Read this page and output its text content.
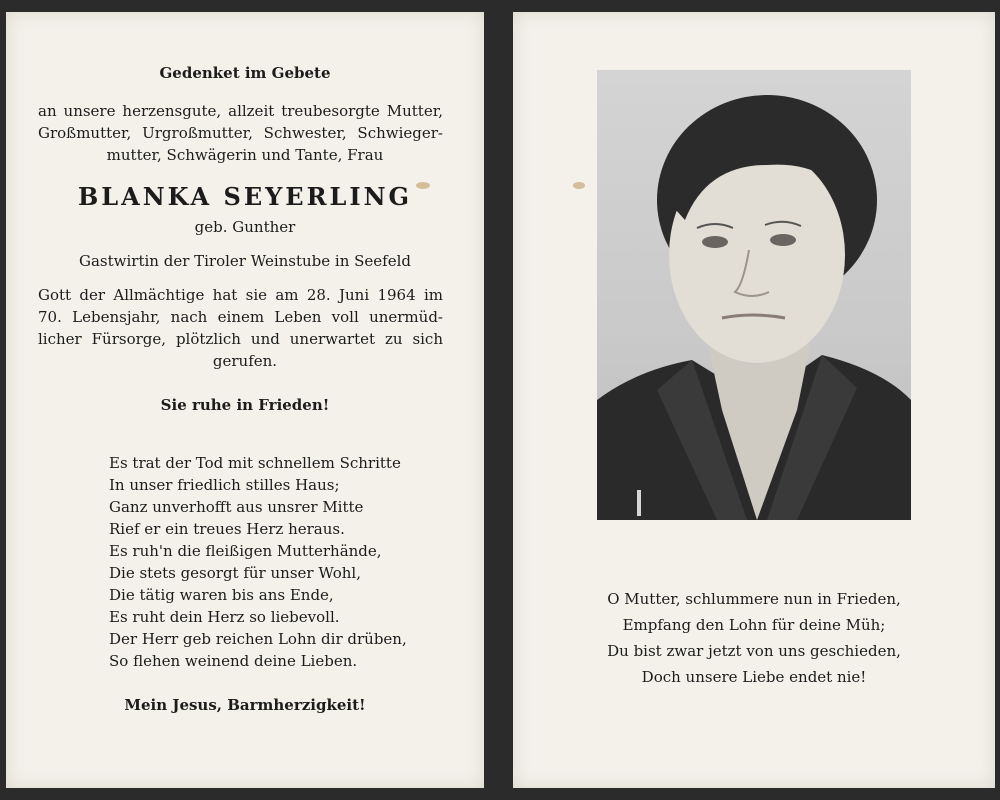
Gedenket im Gebete
an unsere herzensgute, allzeit treubesorgte Mutter,
Großmutter, Urgroßmutter, Schwester, Schwieger-
mutter, Schwägerin und Tante, Frau
BLANKA SEYERLING
geb. Gunther
Gastwirtin der Tiroler Weinstube in Seefeld
Gott der Allmächtige hat sie am 28. Juni 1964 im
70. Lebensjahr, nach einem Leben voll unermüd-
licher Fürsorge, plötzlich und unerwartet zu sich
gerufen.
Sie ruhe in Frieden!
Es trat der Tod mit schnellem Schritte
In unser friedlich stilles Haus;
Ganz unverhofft aus unsrer Mitte
Rief er ein treues Herz heraus.
Es ruh'n die fleißigen Mutterhände,
Die stets gesorgt für unser Wohl,
Die tätig waren bis ans Ende,
Es ruht dein Herz so liebevoll.
Der Herr geb reichen Lohn dir drüben,
So flehen weinend deine Lieben.
Mein Jesus, Barmherzigkeit!
O Mutter, schlummere nun in Frieden,
Empfang den Lohn für deine Müh;
Du bist zwar jetzt von uns geschieden,
Doch unsere Liebe endet nie!
